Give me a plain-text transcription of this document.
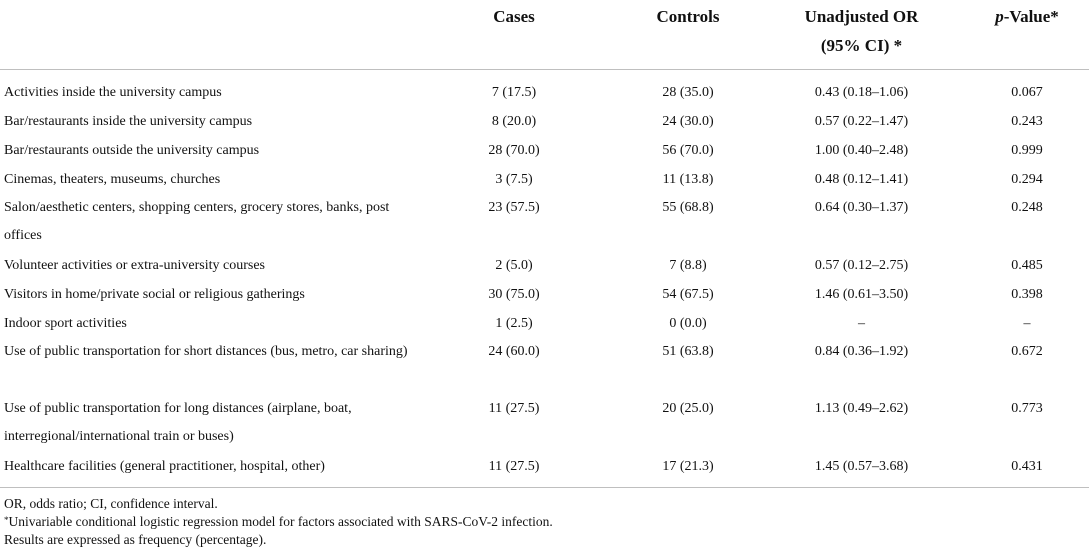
	Cases	Controls	Unadjusted OR	p-Value*
			(95% CI) *	
Activities inside the university campus	7 (17.5)	28 (35.0)	0.43 (0.18–1.06)	0.067
Bar/restaurants inside the university campus	8 (20.0)	24 (30.0)	0.57 (0.22–1.47)	0.243
Bar/restaurants outside the university campus	28 (70.0)	56 (70.0)	1.00 (0.40–2.48)	0.999
Cinemas, theaters, museums, churches	3 (7.5)	11 (13.8)	0.48 (0.12–1.41)	0.294
Salon/aesthetic centers, shopping centers, grocery stores, banks, post offices	23 (57.5)	55 (68.8)	0.64 (0.30–1.37)	0.248
Volunteer activities or extra-university courses	2 (5.0)	7 (8.8)	0.57 (0.12–2.75)	0.485
Visitors in home/private social or religious gatherings	30 (75.0)	54 (67.5)	1.46 (0.61–3.50)	0.398
Indoor sport activities	1 (2.5)	0 (0.0)	–	–
Use of public transportation for short distances (bus, metro, car sharing)	24 (60.0)	51 (63.8)	0.84 (0.36–1.92)	0.672
Use of public transportation for long distances (airplane, boat, interregional/international train or buses)	11 (27.5)	20 (25.0)	1.13 (0.49–2.62)	0.773
Healthcare facilities (general practitioner, hospital, other)	11 (27.5)	17 (21.3)	1.45 (0.57–3.68)	0.431
OR, odds ratio; CI, confidence interval.
*Univariable conditional logistic regression model for factors associated with SARS-CoV-2 infection.
Results are expressed as frequency (percentage).
